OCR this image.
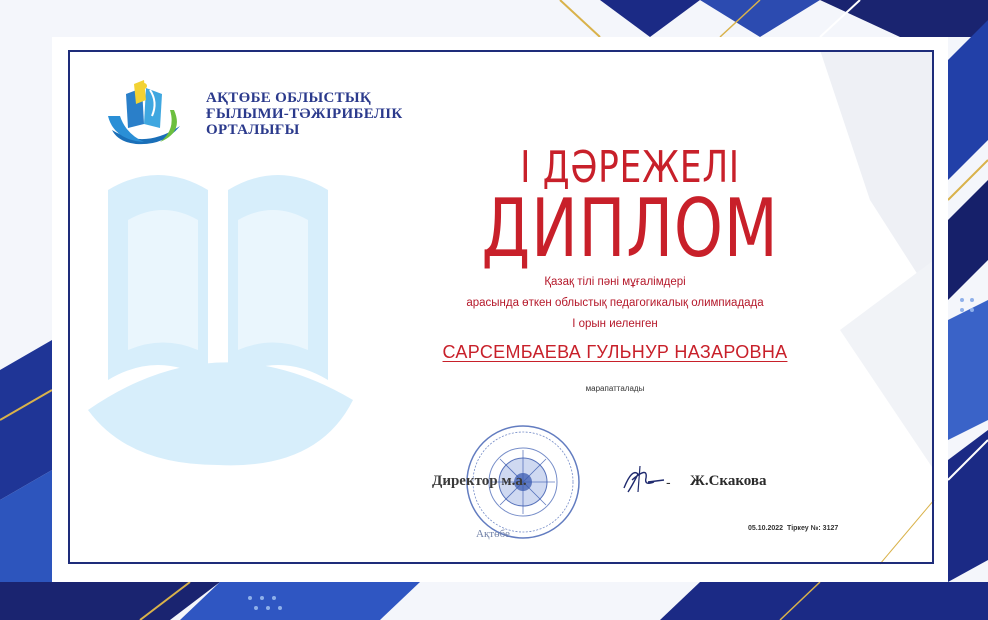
АҚТӨБЕ ОБЛЫСТЫҚ
ҒЫЛЫМИ-ТӘЖІРИБЕЛІК
ОРТАЛЫҒЫ
І ДӘРЕЖЕЛІ
ДИПЛОМ
Қазақ тілі пәні мұғалімдері
арасында өткен облыстық педагогикалық олимпиадада
І орын иеленген
САРСЕМБАЕВА ГУЛЬНУР НАЗАРОВНА
марапатталады
Ақтөбе
Директор м.а.	- Ж.Скакова
05.10.2022 Тіркеу №: 3127
